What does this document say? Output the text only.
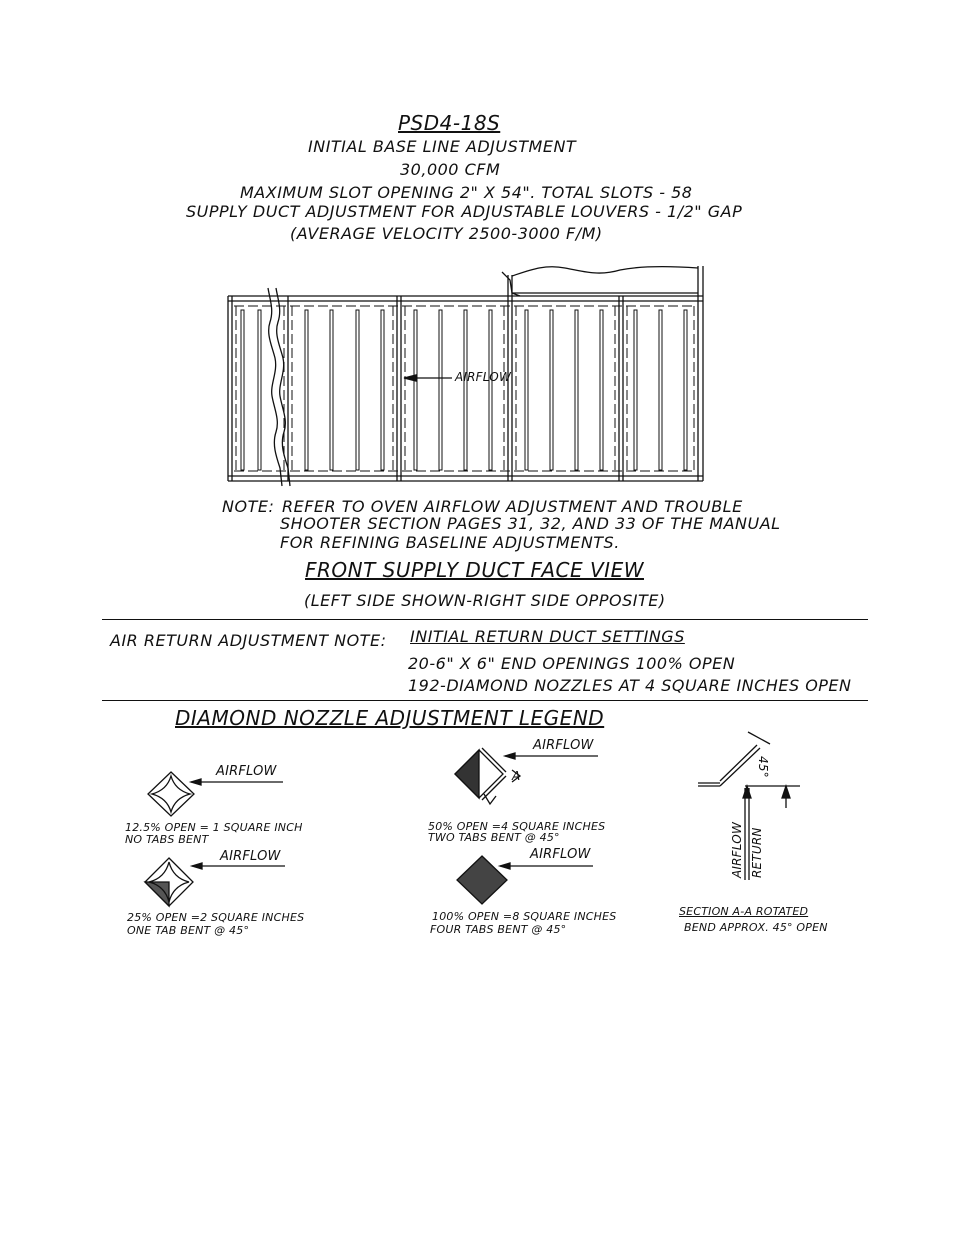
PSD4-18S
INITIAL BASE LINE ADJUSTMENT
30,000 CFM
MAXIMUM SLOT OPENING 2" X 54". TOTAL SLOTS - 58
SUPPLY DUCT ADJUSTMENT FOR ADJUSTABLE LOUVERS - 1/2" GAP
(AVERAGE VELOCITY 2500-3000 F/M)
AIRFLOW
NOTE: REFER TO OVEN AIRFLOW ADJUSTMENT AND TROUBLE
SHOOTER SECTION PAGES 31, 32, AND 33 OF THE MANUAL
FOR REFINING BASELINE ADJUSTMENTS.
FRONT SUPPLY DUCT FACE VIEW
(LEFT SIDE SHOWN-RIGHT SIDE OPPOSITE)
AIR RETURN ADJUSTMENT NOTE: INITIAL RETURN DUCT SETTINGS
20-6" X 6" END OPENINGS 100% OPEN
192-DIAMOND NOZZLES AT 4 SQUARE INCHES OPEN
DIAMOND NOZZLE ADJUSTMENT LEGEND
AIRFLOW
12.5% OPEN = 1 SQUARE INCH
NO TABS BENT
AIRFLOW
25% OPEN =2 SQUARE INCHES
ONE TAB BENT @ 45°
AIRFLOW
A
50% OPEN =4 SQUARE INCHES
TWO TABS BENT @ 45°
AIRFLOW
100% OPEN =8 SQUARE INCHES
FOUR TABS BENT @ 45°
45°
AIRFLOW RETURN
SECTION A-A ROTATED
BEND APPROX. 45° OPEN
